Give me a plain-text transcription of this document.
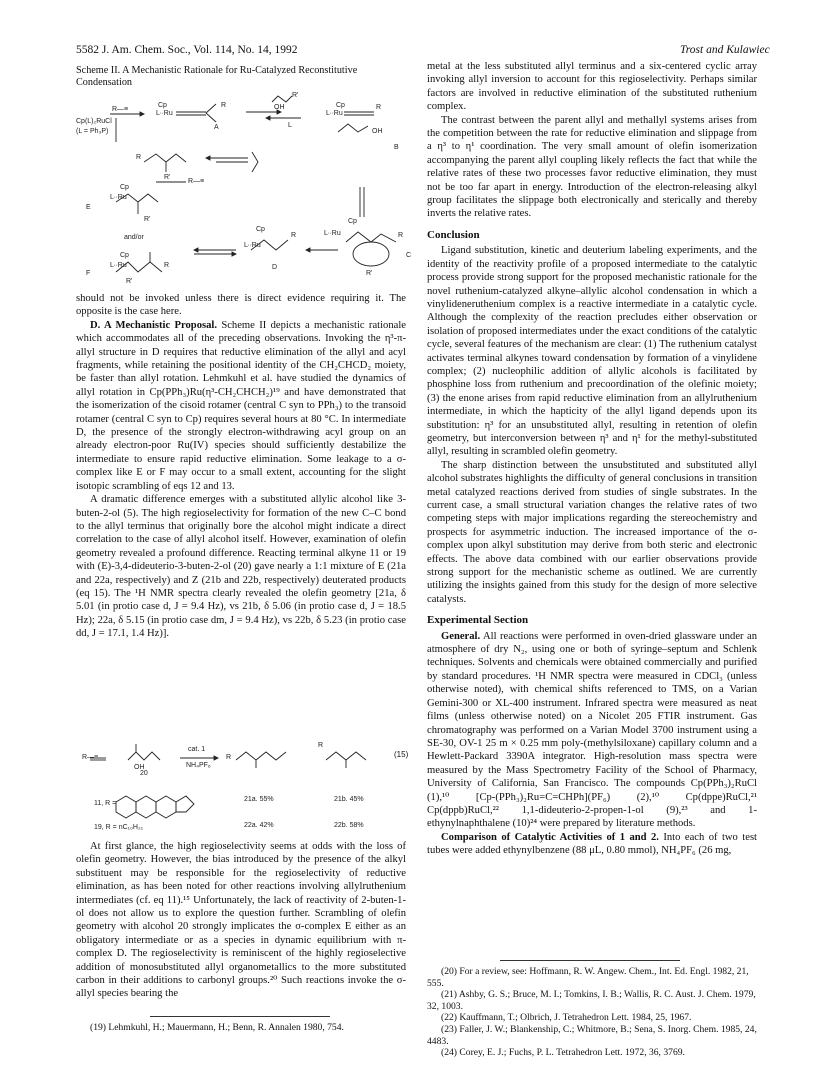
5582 J. Am. Chem. Soc., Vol. 114, No. 14, 1992	Trost and Kulawiec
Scheme II. A Mechanistic Rationale for Ru-Catalyzed Reconstitutive Condensation
Cp(L)₂RuCl
(L = Ph₃P)
R—≡
Cp
L∙∙Ru
R
A	L
OH
R'
Cp
L∙∙Ru
R
OH
B
R'
R
R—≡
E
Cp
L∙∙Ru
R'
and/or
Cp
L∙∙Ru
R
D
Cp
L∙∙Ru	R
C
R'
F
Cp
L∙∙Ru	R
R'

should not be invoked unless there is direct evidence requiring it. The opposite is the case here.

D. A Mechanistic Proposal. Scheme II depicts a mechanistic rationale which accommodates all of the preceding observations. Invoking the η³-π-allyl structure in D requires that reductive elimination of the allyl and acyl fragments, while retaining the positional identity of the CH₂CHCD₂ moiety, be faster than allyl rotation. Lehmkuhl et al. have studied the dynamics of allyl rotation in Cp(PPh₃)Ru(η³-CH₂CHCH₂)¹⁹ and have demonstrated that the isomerization of the cisoid rotamer (central C syn to PPh₃) to the transoid rotamer (central C syn to Cp) requires several hours at 80 °C. In intermediate D, the presence of the strongly electron-withdrawing acyl group on an already electron-poor Ru(IV) species should sufficiently destabilize the intermediate to ensure rapid reductive elimination. Some leakage to a σ-complex like E or F may occur to a small extent, accounting for the slight isotopic scrambling of eqs 12 and 13.

A dramatic difference emerges with a substituted allylic alcohol like 3-buten-2-ol (5). The high regioselectivity for formation of the new C–C bond to the allyl terminus that originally bore the alcohol might indicate a direct correlation to the case of allyl alcohol itself. However, examination of olefin geometry revealed a profound difference. Reacting terminal alkyne 11 or 19 with (E)-3,4-dideuterio-3-buten-2-ol (20) gave nearly a 1:1 mixture of E (21a and 22a, respectively) and Z (21b and 22b, respectively) deuterated products (eq 15). The ¹H NMR spectra clearly revealed the olefin geometry [21a, δ 5.01 (in protio case d, J = 9.4 Hz), vs 21b, δ 5.06 (in protio case d, J = 18.5 Hz); 22a, δ 5.15 (in protio case dm, J = 9.4 Hz), vs 22b, δ 5.23 (in protio case dd, J = 17.1, 1.4 Hz)].

R—≡
cat. 1
NH₄PF₆
20
OH
11, R =
19, R = nC₁₀H₂₁
21a. 55%	21b. 45%
22a. 42%	22b. 58%
R
R	(15)

At first glance, the high regioselectivity seems at odds with the loss of olefin geometry. However, the bias introduced by the presence of the alkyl substituent may be responsible for the regioselectivity of reductive elimination, as has been noted for other reactions involving allylruthenium intermediates (cf. eq 11).¹⁵ Unfortunately, the lack of reactivity of 2-buten-1-ol does not allow us to explore the question further. Scrambling of olefin geometry with alcohol 20 strongly implicates the σ-complex E either as an obligatory intermediate or as a species in dynamic equilibrium with π-complex D. The regioselectivity is reminiscent of the highly regioselective addition of monosubstituted allyl organometallics to the more substituted carbon in their additions to carbonyl groups.²⁰ Such reactions invoke the σ-allyl species bearing the

(19) Lehmkuhl, H.; Mauermann, H.; Benn, R. Annalen 1980, 754.

metal at the less substituted allyl terminus and a six-centered cyclic array invoking allyl inversion to account for this regioselectivity. Perhaps similar factors are involved in reductive elimination of the substituted ruthenium complex.

The contrast between the parent allyl and methallyl systems arises from the competition between the rate for reductive elimination and slippage from a η³ to η¹ coordination. The very small amount of olefin isomerization accompanying the parent allyl coupling likely reflects the fact that while the relative rates of these two processes favor reductive elimination, they must not be too far apart in energy. Introduction of the electron-releasing alkyl group facilitates the slippage both electronically and sterically and thereby inverts the relative rates.

Conclusion

Ligand substitution, kinetic and deuterium labeling experiments, and the identity of the reactivity profile of a proposed intermediate to the catalytic process provide strong support for the proposed mechanistic rationale for the novel ruthenium-catalyzed alkyne–allylic alcohol condensation in which a vinylideneruthenium complex is a reactive intermediate in a catalytic cycle. Although the complexity of the reaction precludes either observation or isolation of proposed intermediates under the exact conditions of the catalytic cycle, several features of the mechanism are clear: (1) The ruthenium catalyst activates terminal alkynes toward condensation by formation of a vinylidene complex; (2) nucleophilic addition of allylic alcohols is facilitated by phosphine loss from ruthenium and precoordination of the olefinic moiety; (3) the enone arises from rapid reductive elimination from an allylruthenium intermediate, in which the hapticity of the allyl ligand depends upon its substitution: η³ for an unsubstituted allyl, resulting in retention of olefin geometry, but interconversion between η³ and η¹ for the methyl-substituted allyl, resulting in scrambled olefin geometry.

The sharp distinction between the unsubstituted and substituted allyl alcohol substrates highlights the difficulty of general conclusions in transition metal catalyzed reactions derived from studies of single substrates. In the current case, a small structural variation changes the relative rates of two competing steps with major implications regarding the stereochemistry and prospects for asymmetric induction. The increased importance of the σ-complex upon alkyl substitution may derive from both steric and electronic effects. The above data combined with our earlier observations provide strong support for the mechanistic scheme as outlined. We are currently utilizing the insights gained from this study for the design of more selective catalysts.

Experimental Section

General. All reactions were performed in oven-dried glassware under an atmosphere of dry N₂, using one or both of syringe–septum and Schlenk techniques. Solvents and chemicals were obtained commercially and purified by standard procedures. ¹H NMR spectra were measured in CDCl₃ (unless otherwise noted), with chemical shifts referenced to TMS, on a Varian Gemini-300 or XL-400 instrument. Infrared spectra were measured as neat films (unless otherwise noted) on a Nicolet 205 FTIR instrument. Gas chromatography was performed on a Varian Model 3700 instrument using a SE-30, OV-1 25 m × 0.25 mm poly-(methylsiloxane) capillary column and a Hewlett-Packard 3390A integrator. High-resolution mass spectra were measured by the Mass Spectrometry Facility of the School of Pharmacy, University of California, San Francisco. The compounds Cp(PPh₃)₂RuCl (1),¹⁰ [Cp-(PPh₃)₂Ru=C=CHPh](PF₆) (2),¹⁰ Cp(dppe)RuCl,²¹ Cp(dppb)RuCl,²² 1,1-dideuterio-2-propen-1-ol (9),²³ and 1-ethynylnaphthalene (10)²⁴ were prepared by literature methods.

Comparison of Catalytic Activities of 1 and 2. Into each of two test tubes were added ethynylbenzene (88 μL, 0.80 mmol), NH₄PF₆ (26 mg,

(20) For a review, see: Hoffmann, R. W. Angew. Chem., Int. Ed. Engl. 1982, 21, 555.
(21) Ashby, G. S.; Bruce, M. I.; Tomkins, I. B.; Wallis, R. C. Aust. J. Chem. 1979, 32, 1003.
(22) Kauffmann, T.; Olbrich, J. Tetrahedron Lett. 1984, 25, 1967.
(23) Faller, J. W.; Blankenship, C.; Whitmore, B.; Sena, S. Inorg. Chem. 1985, 24, 4483.
(24) Corey, E. J.; Fuchs, P. L. Tetrahedron Lett. 1972, 36, 3769.
